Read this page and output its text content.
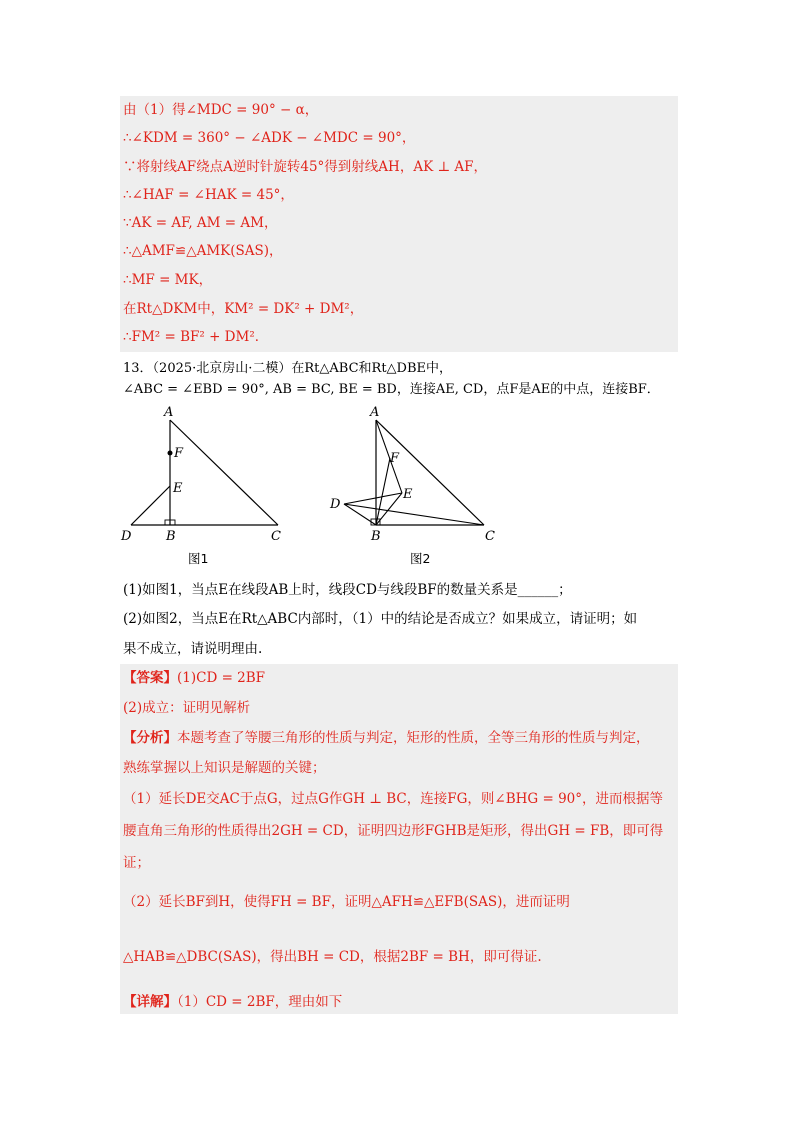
由（1）得∠MDC = 90° − α，
∴∠KDM = 360° − ∠ADK − ∠MDC = 90°，
∵将射线AF绕点A逆时针旋转45°得到射线AH，AK ⊥ AF，
∴∠HAF = ∠HAK = 45°，
∵AK = AF, AM = AM，
∴△AMF≌△AMK(SAS)，
∴MF = MK，
在Rt△DKM中，KM² = DK² + DM²，
∴FM² = BF² + DM²．
13．（2025·北京房山·二模）在Rt△ABC和Rt△DBE中，
∠ABC = ∠EBD = 90°, AB = BC, BE = BD，连接AE, CD，点F是AE的中点，连接BF．
A
F
E
D	B	C
图1
A
F
E
D
B	C
图2
(1)如图1，当点E在线段AB上时，线段CD与线段BF的数量关系是______；
(2)如图2，当点E在Rt△ABC内部时，（1）中的结论是否成立？如果成立，请证明；如
果不成立，请说明理由.
【答案】(1)CD = 2BF
(2)成立：证明见解析
【分析】本题考查了等腰三角形的性质与判定，矩形的性质，全等三角形的性质与判定，
熟练掌握以上知识是解题的关键；
（1）延长DE交AC于点G，过点G作GH ⊥ BC，连接FG，则∠BHG = 90°，进而根据等
腰直角三角形的性质得出2GH = CD，证明四边形FGHB是矩形，得出GH = FB，即可得
证；
（2）延长BF到H，使得FH = BF，证明△AFH≌△EFB(SAS)，进而证明
△HAB≌△DBC(SAS)，得出BH = CD，根据2BF = BH，即可得证.
【详解】（1）CD = 2BF，理由如下
